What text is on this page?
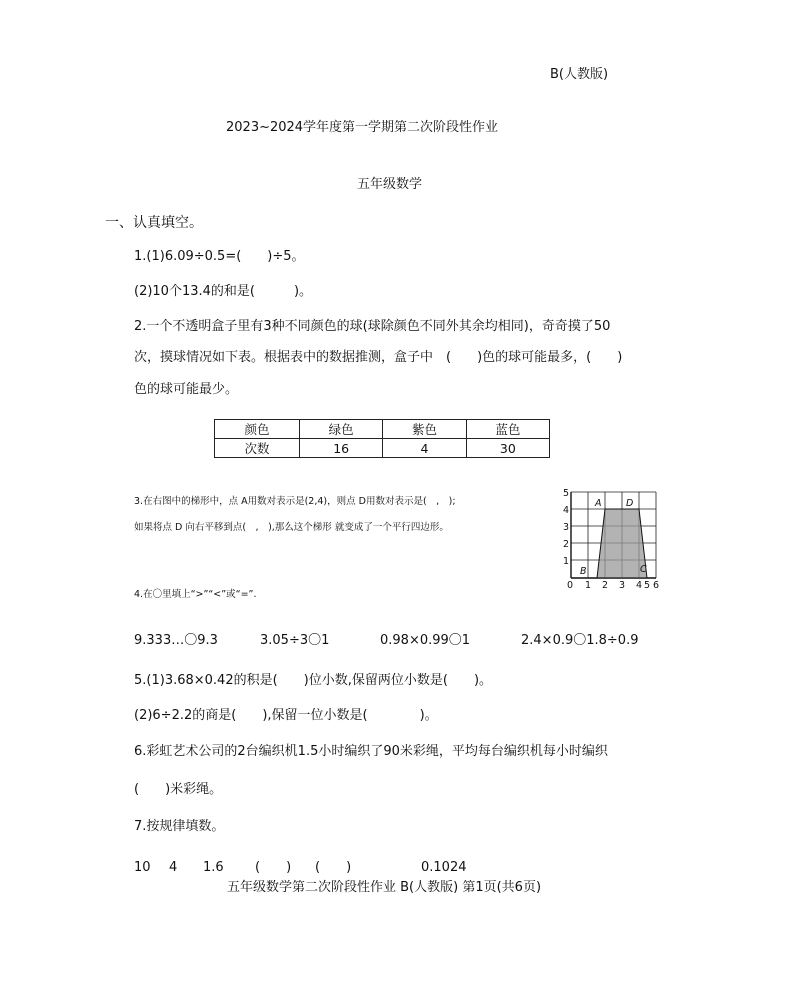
B(人教版)
2023~2024学年度第一学期第二次阶段性作业
五年级数学
一、认真填空。
1.(1)6.09÷0.5=(　　)÷5。
(2)10个13.4的和是(　　　)。
2.一个不透明盒子里有3种不同颜色的球(球除颜色不同外其余均相同)，奇奇摸了50
次，摸球情况如下表。根据表中的数据推测，盒子中　(　　)色的球可能最多，(　　)
色的球可能最少。
颜色	绿色	紫色	蓝色
次数	16	4	30
3.在右图中的梯形中，点 A用数对表示是(2,4)，则点 D用数对表示是(　,　);
如果将点 D 向右平移到点(　,　),那么这个梯形 就变成了一个平行四边形。
0 1 2 3 4 5 6
1
2
3
4
5
A	D
B	C
4.在〇里填上“>”“<”或“=”.
9.333…〇9.3	3.05÷3〇1	0.98×0.99〇1	2.4×0.9〇1.8÷0.9
5.(1)3.68×0.42的积是(　　)位小数,保留两位小数是(　　)。
(2)6÷2.2的商是(　　),保留一位小数是(　　　　)。
6.彩虹艺术公司的2台编织机1.5小时编织了90米彩绳，平均每台编织机每小时编织
(　　)米彩绳。
7.按规律填数。
10 4 1.6 (　　) (　　)	0.1024
五年级数学第二次阶段性作业 B(人教版) 第1页(共6页)
